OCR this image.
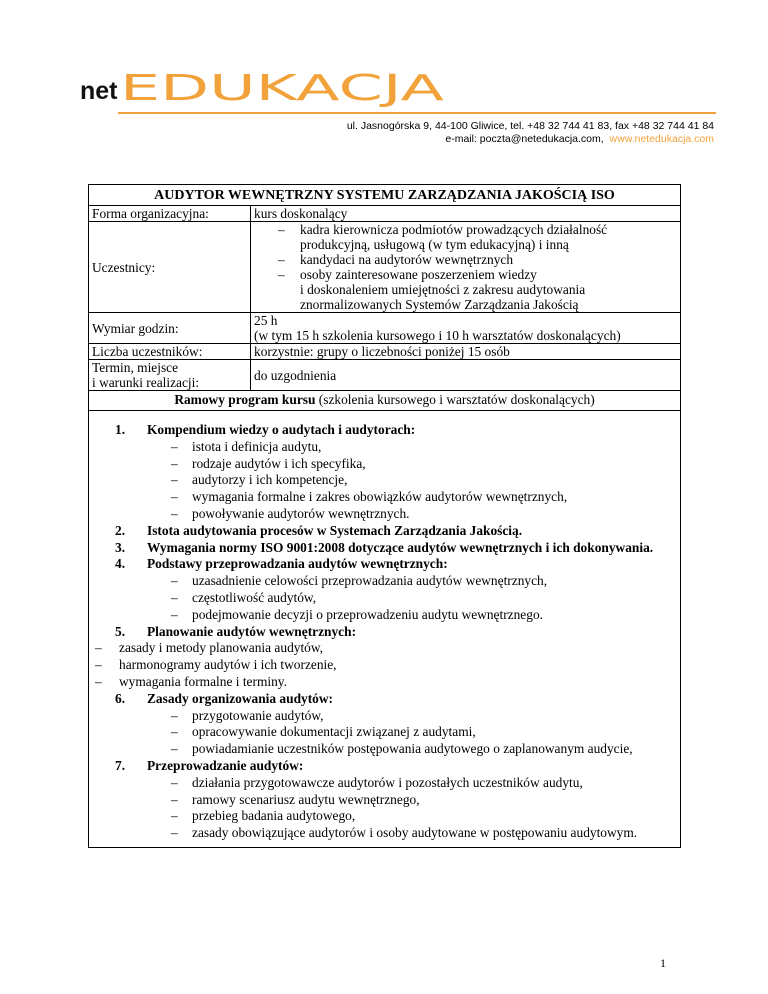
net EDUKACJA
ul. Jasnogórska 9, 44-100 Gliwice, tel. +48 32 744 41 83, fax +48 32 744 41 84
e-mail: poczta@netedukacja.com, www.netedukacja.com
AUDYTOR WEWNĘTRZNY SYSTEMU ZARZĄDZANIA JAKOŚCIĄ ISO
Forma organizacyjna:	kurs doskonalący
Uczestnicy:
– kadra kierownicza podmiotów prowadzących działalność
produkcyjną, usługową (w tym edukacyjną) i inną
– kandydaci na audytorów wewnętrznych
– osoby zainteresowane poszerzeniem wiedzy
i doskonaleniem umiejętności z zakresu audytowania
znormalizowanych Systemów Zarządzania Jakością
Wymiar godzin:	25 h
(w tym 15 h szkolenia kursowego i 10 h warsztatów doskonalących)
Liczba uczestników:	korzystnie: grupy o liczebności poniżej 15 osób
Termin, miejsce
i warunki realizacji:	do uzgodnienia
Ramowy program kursu (szkolenia kursowego i warsztatów doskonalących)
1. Kompendium wiedzy o audytach i audytorach:
– istota i definicja audytu,
– rodzaje audytów i ich specyfika,
– audytorzy i ich kompetencje,
– wymagania formalne i zakres obowiązków audytorów wewnętrznych,
– powoływanie audytorów wewnętrznych.
2. Istota audytowania procesów w Systemach Zarządzania Jakością.
3. Wymagania normy ISO 9001:2008 dotyczące audytów wewnętrznych i ich dokonywania.
4. Podstawy przeprowadzania audytów wewnętrznych:
– uzasadnienie celowości przeprowadzania audytów wewnętrznych,
– częstotliwość audytów,
– podejmowanie decyzji o przeprowadzeniu audytu wewnętrznego.
5. Planowanie audytów wewnętrznych:
– zasady i metody planowania audytów,
– harmonogramy audytów i ich tworzenie,
– wymagania formalne i terminy.
6. Zasady organizowania audytów:
– przygotowanie audytów,
– opracowywanie dokumentacji związanej z audytami,
– powiadamianie uczestników postępowania audytowego o zaplanowanym audycie,
7. Przeprowadzanie audytów:
– działania przygotowawcze audytorów i pozostałych uczestników audytu,
– ramowy scenariusz audytu wewnętrznego,
– przebieg badania audytowego,
– zasady obowiązujące audytorów i osoby audytowane w postępowaniu audytowym.
1
